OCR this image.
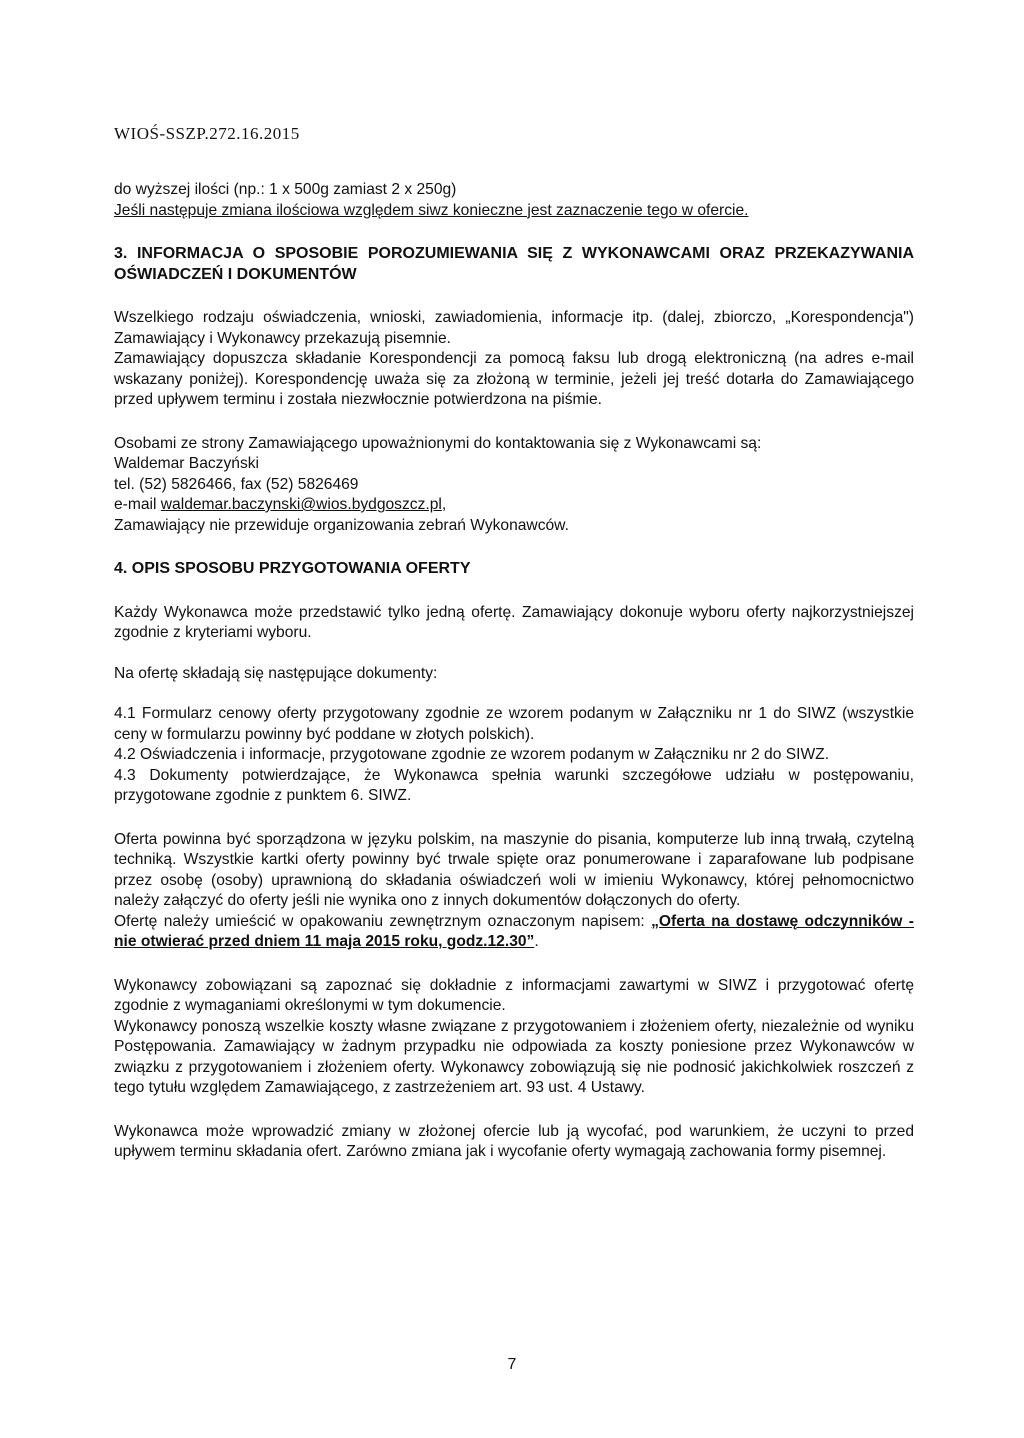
WIOŚ-SSZP.272.16.2015
do wyższej ilości (np.: 1 x 500g zamiast 2 x 250g)
Jeśli następuje zmiana ilościowa względem siwz konieczne jest zaznaczenie tego w ofercie.
3. INFORMACJA O SPOSOBIE POROZUMIEWANIA SIĘ Z WYKONAWCAMI ORAZ PRZEKAZYWANIA OŚWIADCZEŃ I DOKUMENTÓW
Wszelkiego rodzaju oświadczenia, wnioski, zawiadomienia, informacje itp. (dalej, zbiorczo, „Korespondencja") Zamawiający i Wykonawcy przekazują pisemnie.
Zamawiający dopuszcza składanie Korespondencji za pomocą faksu lub drogą elektroniczną (na adres e-mail wskazany poniżej). Korespondencję uważa się za złożoną w terminie, jeżeli jej treść dotarła do Zamawiającego przed upływem terminu i została niezwłocznie potwierdzona na piśmie.
Osobami ze strony Zamawiającego upoważnionymi do kontaktowania się z Wykonawcami są:
Waldemar Baczyński
tel. (52) 5826466, fax (52) 5826469
e-mail waldemar.baczynski@wios.bydgoszcz.pl,
Zamawiający nie przewiduje organizowania zebrań Wykonawców.
4. OPIS SPOSOBU PRZYGOTOWANIA OFERTY
Każdy Wykonawca może przedstawić tylko jedną ofertę. Zamawiający dokonuje wyboru oferty najkorzystniejszej zgodnie z kryteriami wyboru.
Na ofertę składają się następujące dokumenty:
4.1 Formularz cenowy oferty przygotowany zgodnie ze wzorem podanym w Załączniku nr 1 do SIWZ (wszystkie ceny w formularzu powinny być poddane w złotych polskich).
4.2 Oświadczenia i informacje, przygotowane zgodnie ze wzorem podanym w Załączniku nr 2 do SIWZ.
4.3 Dokumenty potwierdzające, że Wykonawca spełnia warunki szczegółowe udziału w postępowaniu, przygotowane zgodnie z punktem 6. SIWZ.
Oferta powinna być sporządzona w języku polskim, na maszynie do pisania, komputerze lub inną trwałą, czytelną techniką. Wszystkie kartki oferty powinny być trwale spięte oraz ponumerowane i zaparafowane lub podpisane przez osobę (osoby) uprawnioną do składania oświadczeń woli w imieniu Wykonawcy, której pełnomocnictwo należy załączyć do oferty jeśli nie wynika ono z innych dokumentów dołączonych do oferty.
Ofertę należy umieścić w opakowaniu zewnętrznym oznaczonym napisem: „Oferta na dostawę odczynników - nie otwierać przed dniem 11 maja 2015 roku, godz.12.30”.
Wykonawcy zobowiązani są zapoznać się dokładnie z informacjami zawartymi w SIWZ i przygotować ofertę zgodnie z wymaganiami określonymi w tym dokumencie.
Wykonawcy ponoszą wszelkie koszty własne związane z przygotowaniem i złożeniem oferty, niezależnie od wyniku Postępowania. Zamawiający w żadnym przypadku nie odpowiada za koszty poniesione przez Wykonawców w związku z przygotowaniem i złożeniem oferty. Wykonawcy zobowiązują się nie podnosić jakichkolwiek roszczeń z tego tytułu względem Zamawiającego, z zastrzeżeniem art. 93 ust. 4 Ustawy.
Wykonawca może wprowadzić zmiany w złożonej ofercie lub ją wycofać, pod warunkiem, że uczyni to przed upływem terminu składania ofert. Zarówno zmiana jak i wycofanie oferty wymagają zachowania formy pisemnej.
7
